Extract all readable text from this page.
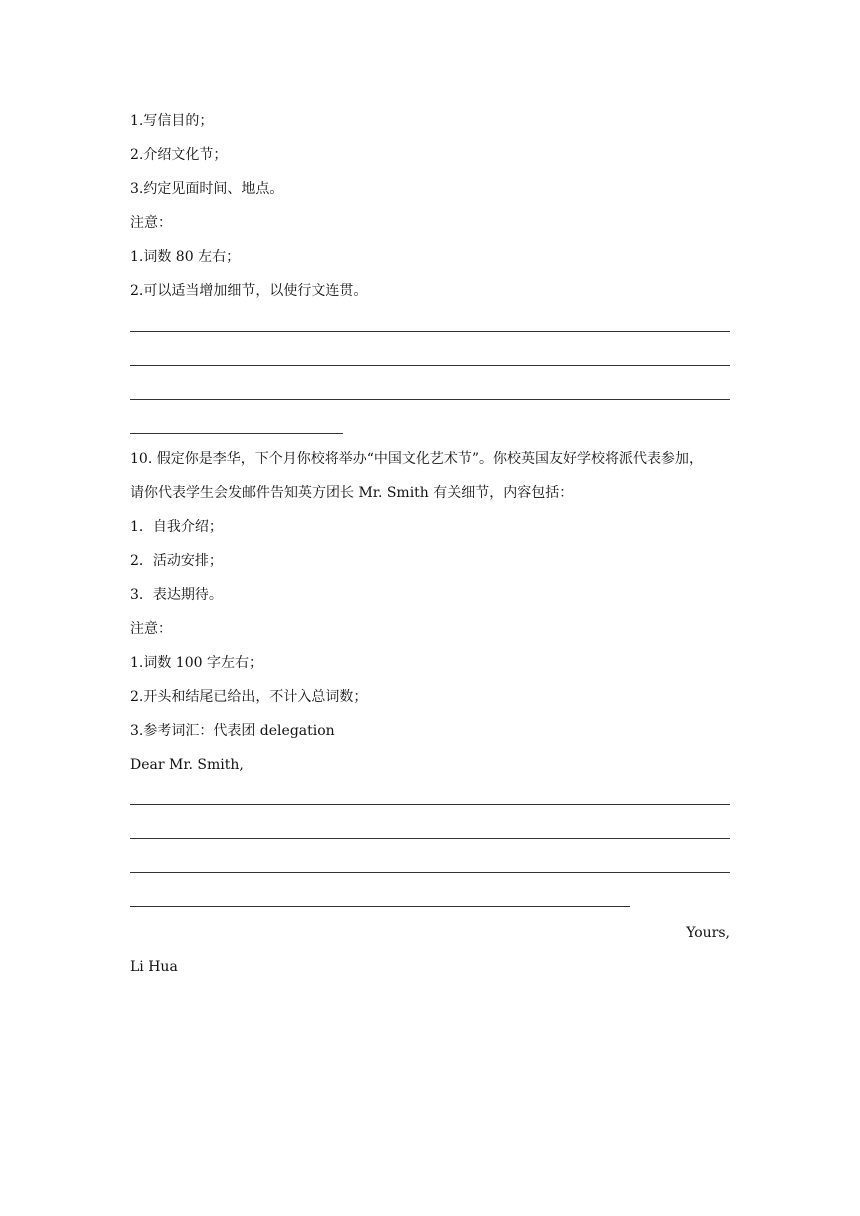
1.写信目的；
2.介绍文化节；
3.约定见面时间、地点。
注意：
1.词数 80 左右；
2.可以适当增加细节，以使行文连贯。
10. 假定你是李华，下个月你校将举办“中国文化艺术节”。你校英国友好学校将派代表参加，
请你代表学生会发邮件告知英方团长 Mr. Smith 有关细节，内容包括：
1．自我介绍；
2．活动安排；
3．表达期待。
注意：
1.词数 100 字左右；
2.开头和结尾已给出，不计入总词数；
3.参考词汇：代表团 delegation
Dear Mr. Smith,
Yours,
Li Hua
